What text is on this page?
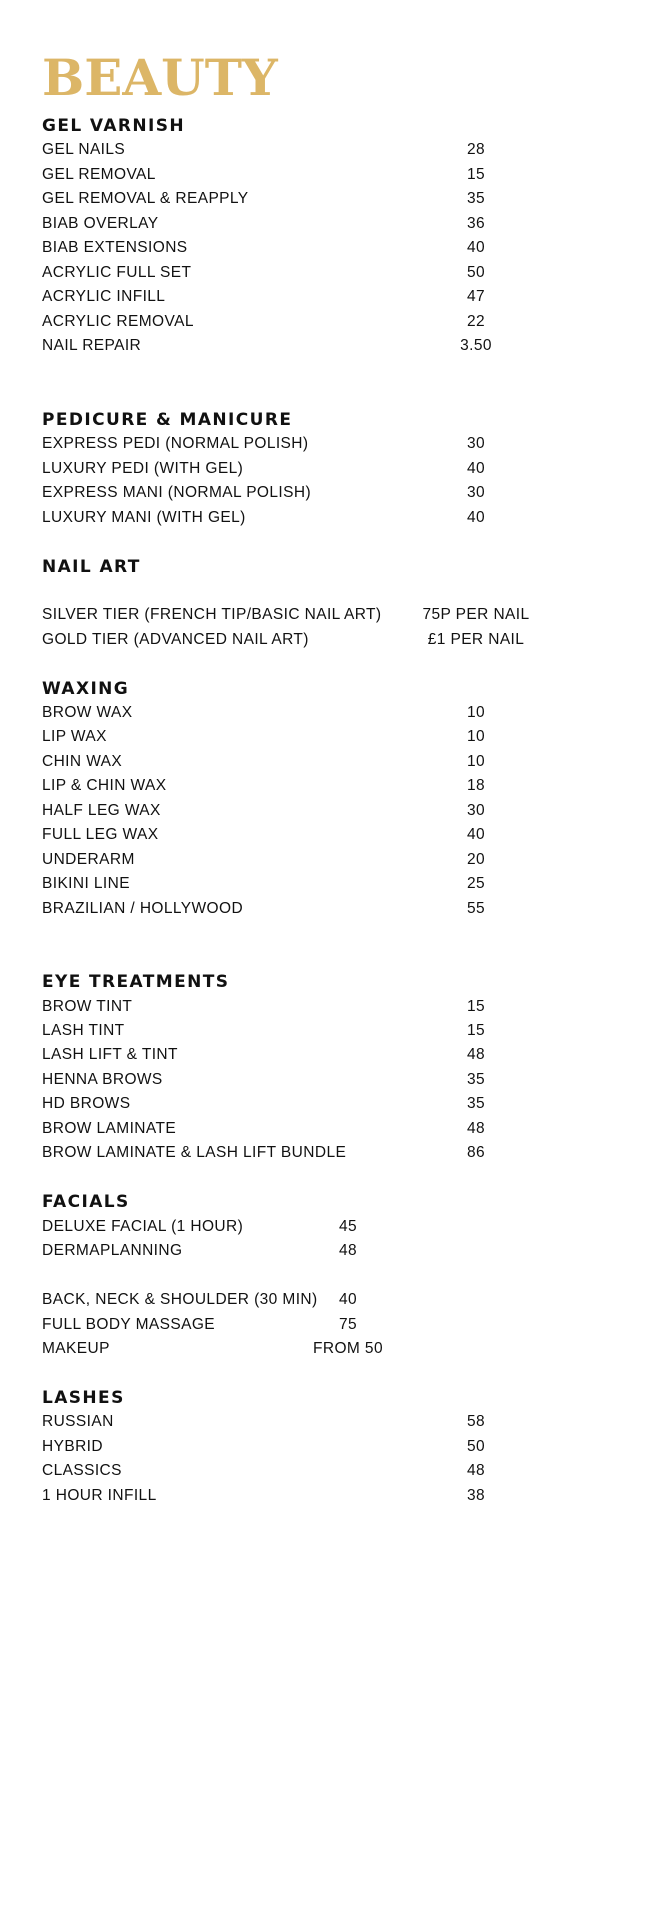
BEAUTY
GEL VARNISH
GEL NAILS	28
GEL REMOVAL	15
GEL REMOVAL & REAPPLY	35
BIAB OVERLAY	36
BIAB EXTENSIONS	40
ACRYLIC FULL SET	50
ACRYLIC INFILL	47
ACRYLIC REMOVAL	22
NAIL REPAIR	3.50
PEDICURE & MANICURE
EXPRESS PEDI (NORMAL POLISH)	30
LUXURY PEDI (WITH GEL)	40
EXPRESS MANI (NORMAL POLISH)	30
LUXURY MANI (WITH GEL)	40
NAIL ART
SILVER TIER (FRENCH TIP/BASIC NAIL ART)	75P PER NAIL
GOLD TIER (ADVANCED NAIL ART)	£1 PER NAIL
WAXING
BROW WAX	10
LIP WAX	10
CHIN WAX	10
LIP & CHIN WAX	18
HALF LEG WAX	30
FULL LEG WAX	40
UNDERARM	20
BIKINI LINE	25
BRAZILIAN / HOLLYWOOD	55
EYE TREATMENTS
BROW TINT	15
LASH TINT	15
LASH LIFT & TINT	48
HENNA BROWS	35
HD BROWS	35
BROW LAMINATE	48
BROW LAMINATE & LASH LIFT BUNDLE	86
FACIALS
DELUXE FACIAL (1 HOUR)	45
DERMAPLANNING	48
BACK, NECK & SHOULDER (30 MIN)	40
FULL BODY MASSAGE	75
MAKEUP	FROM 50
LASHES
RUSSIAN	58
HYBRID	50
CLASSICS	48
1 HOUR INFILL	38
